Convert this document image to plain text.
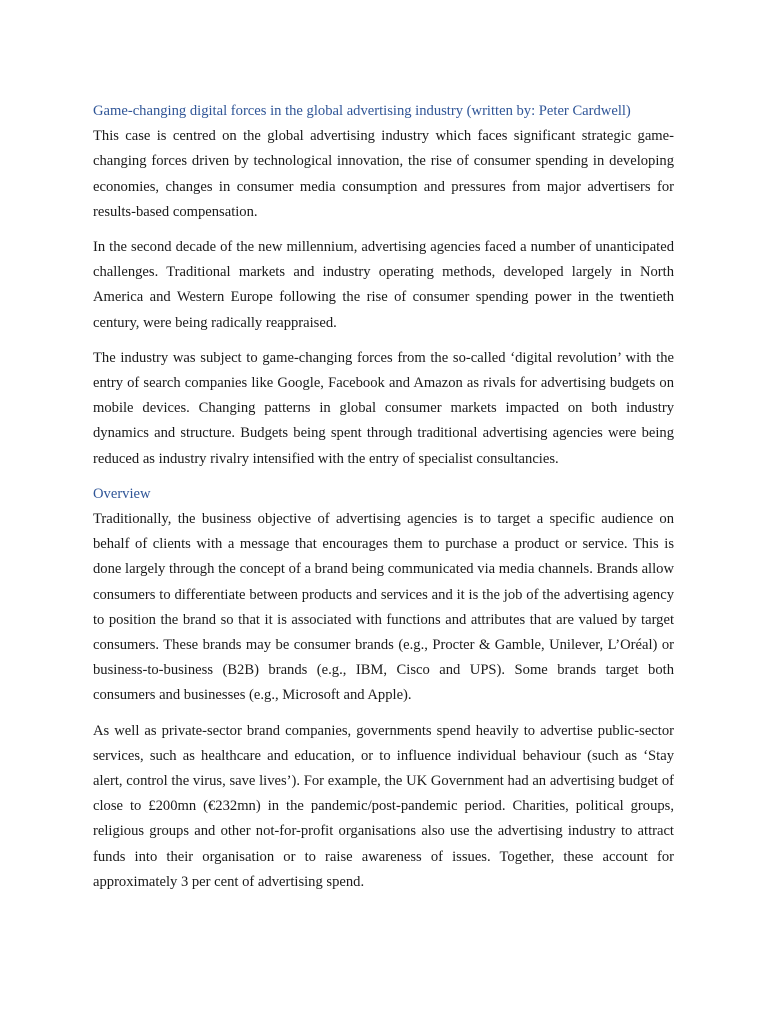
Game-changing digital forces in the global advertising industry (written by: Peter Cardwell)

This case is centred on the global advertising industry which faces significant strategic game-changing forces driven by technological innovation, the rise of consumer spending in developing economies, changes in consumer media consumption and pressures from major advertisers for results-based compensation.

In the second decade of the new millennium, advertising agencies faced a number of unanticipated challenges. Traditional markets and industry operating methods, developed largely in North America and Western Europe following the rise of consumer spending power in the twentieth century, were being radically reappraised.

The industry was subject to game-changing forces from the so-called ‘digital revolution’ with the entry of search companies like Google, Facebook and Amazon as rivals for advertising budgets on mobile devices. Changing patterns in global consumer markets impacted on both industry dynamics and structure. Budgets being spent through traditional advertising agencies were being reduced as industry rivalry intensified with the entry of specialist consultancies.

Overview

Traditionally, the business objective of advertising agencies is to target a specific audience on behalf of clients with a message that encourages them to purchase a product or service. This is done largely through the concept of a brand being communicated via media channels. Brands allow consumers to differentiate between products and services and it is the job of the advertising agency to position the brand so that it is associated with functions and attributes that are valued by target consumers. These brands may be consumer brands (e.g., Procter & Gamble, Unilever, L’Oréal) or business-to-business (B2B) brands (e.g., IBM, Cisco and UPS). Some brands target both consumers and businesses (e.g., Microsoft and Apple).

As well as private-sector brand companies, governments spend heavily to advertise public-sector services, such as healthcare and education, or to influence individual behaviour (such as ‘Stay alert, control the virus, save lives’). For example, the UK Government had an advertising budget of close to £200mn (€232mn) in the pandemic/post-pandemic period. Charities, political groups, religious groups and other not-for-profit organisations also use the advertising industry to attract funds into their organisation or to raise awareness of issues. Together, these account for approximately 3 per cent of advertising spend.
